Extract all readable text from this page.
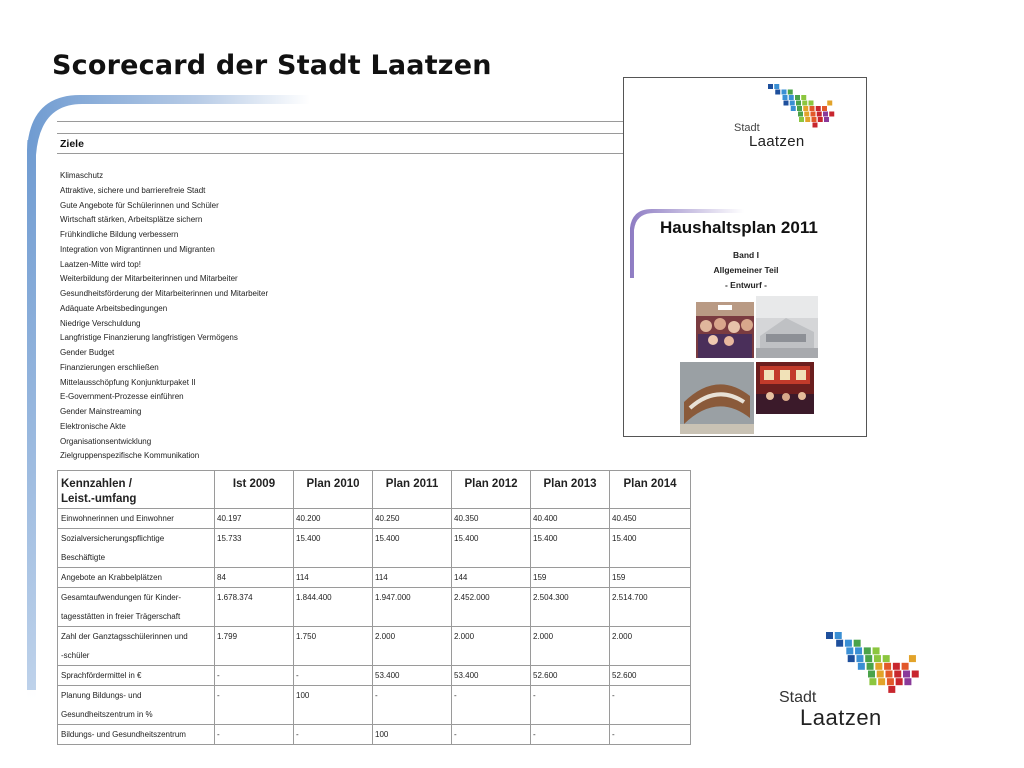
Scorecard der Stadt Laatzen
Ziele
Klimaschutz
Attraktive, sichere und barrierefreie Stadt
Gute Angebote für Schülerinnen und Schüler
Wirtschaft stärken, Arbeitsplätze sichern
Frühkindliche Bildung verbessern
Integration von Migrantinnen und Migranten
Laatzen-Mitte wird top!
Weiterbildung der Mitarbeiterinnen und Mitarbeiter
Gesundheitsförderung der Mitarbeiterinnen und Mitarbeiter
Adäquate Arbeitsbedingungen
Niedrige Verschuldung
Langfristige Finanzierung langfristigen Vermögens
Gender Budget
Finanzierungen erschließen
Mittelausschöpfung Konjunkturpaket II
E-Government-Prozesse einführen
Gender Mainstreaming
Elektronische Akte
Organisationsentwicklung
Zielgruppenspezifische Kommunikation
Kennzahlen /
Leist.-umfang	Ist 2009	Plan 2010	Plan 2011	Plan 2012	Plan 2013	Plan 2014
Einwohnerinnen und Einwohner	40.197	40.200	40.250	40.350	40.400	40.450
Sozialversicherungspflichtige
Beschäftigte	15.733	15.400	15.400	15.400	15.400	15.400
Angebote an Krabbelplätzen	84	114	114	144	159	159
Gesamtaufwendungen für Kinder-
tagesstätten in freier Trägerschaft	1.678.374	1.844.400	1.947.000	2.452.000	2.504.300	2.514.700
Zahl der Ganztagsschülerinnen und
-schüler	1.799	1.750	2.000	2.000	2.000	2.000
Sprachfördermittel in €	-	-	53.400	53.400	52.600	52.600
Planung Bildungs- und
Gesundheitszentrum in %	-	100	-	-	-	-
Bildungs- und Gesundheitszentrum	-	-	100	-	-	-
Stadt
Laatzen
Haushaltsplan 2011
Band I
Allgemeiner Teil
- Entwurf -
Stadt
Laatzen
